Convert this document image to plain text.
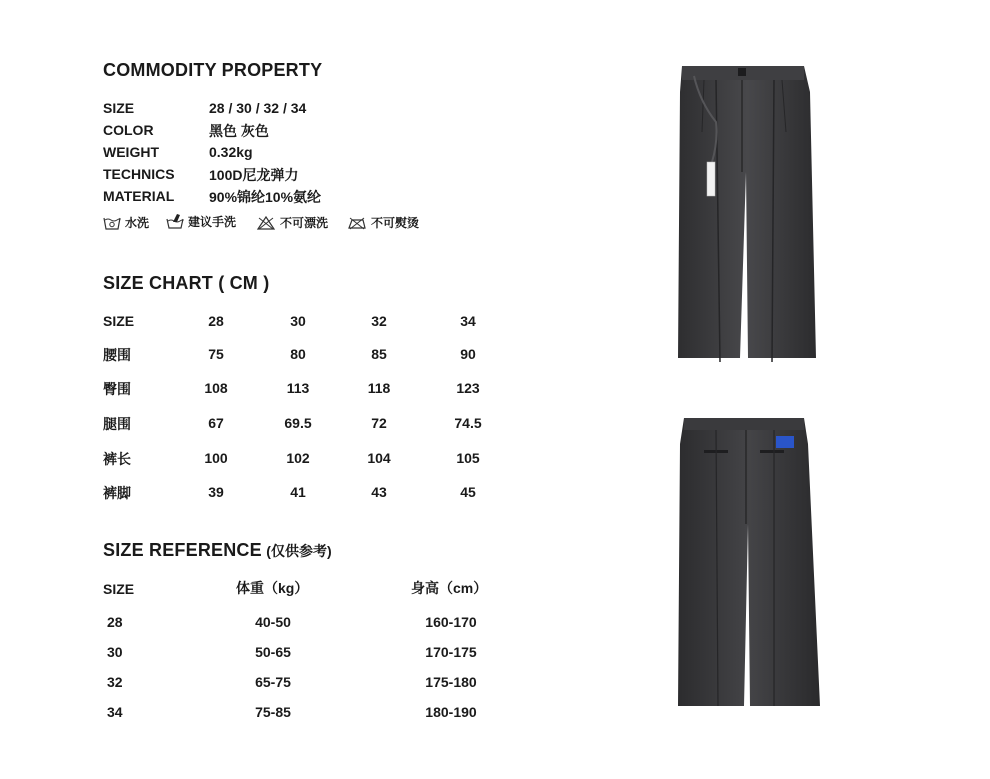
COMMODITY PROPERTY
SIZE	28 / 30 / 32 / 34
COLOR	黑色 灰色
WEIGHT	0.32kg
TECHNICS 100D尼龙弹力
MATERIAL 90%锦纶10%氨纶
水洗	建议手洗	不可漂洗	不可熨烫
SIZE CHART ( CM )
SIZE	28	30	32	34
腰围	75	80	85	90
臀围	108	113	118	123
腿围	67	69.5	72	74.5
裤长	100	102	104	105
裤脚	39	41	43	45
SIZE REFERENCE (仅供参考)
SIZE	体重（kg）	身高（cm）
28	40-50	160-170
30	50-65	170-175
32	65-75	175-180
34	75-85	180-190
